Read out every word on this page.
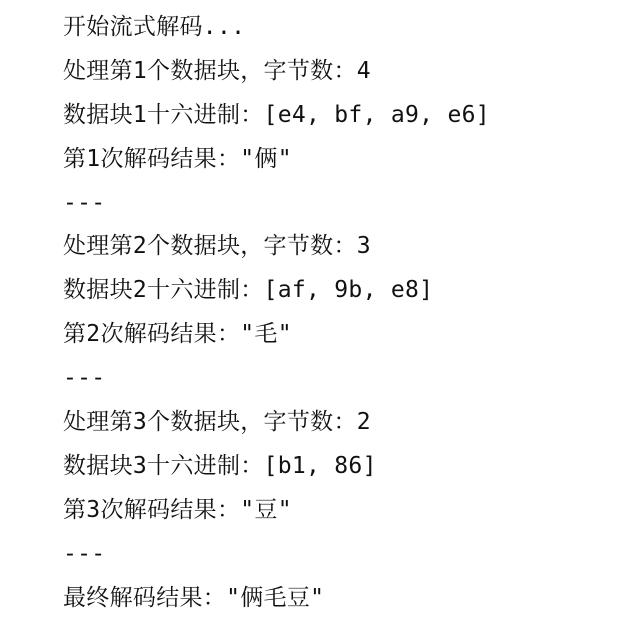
开始流式解码...
处理第1个数据块，字节数：4
数据块1十六进制：[e4, bf, a9, e6]
第1次解码结果："俩"
---
处理第2个数据块，字节数：3
数据块2十六进制：[af, 9b, e8]
第2次解码结果："毛"
---
处理第3个数据块，字节数：2
数据块3十六进制：[b1, 86]
第3次解码结果："豆"
---
最终解码结果："俩毛豆"
